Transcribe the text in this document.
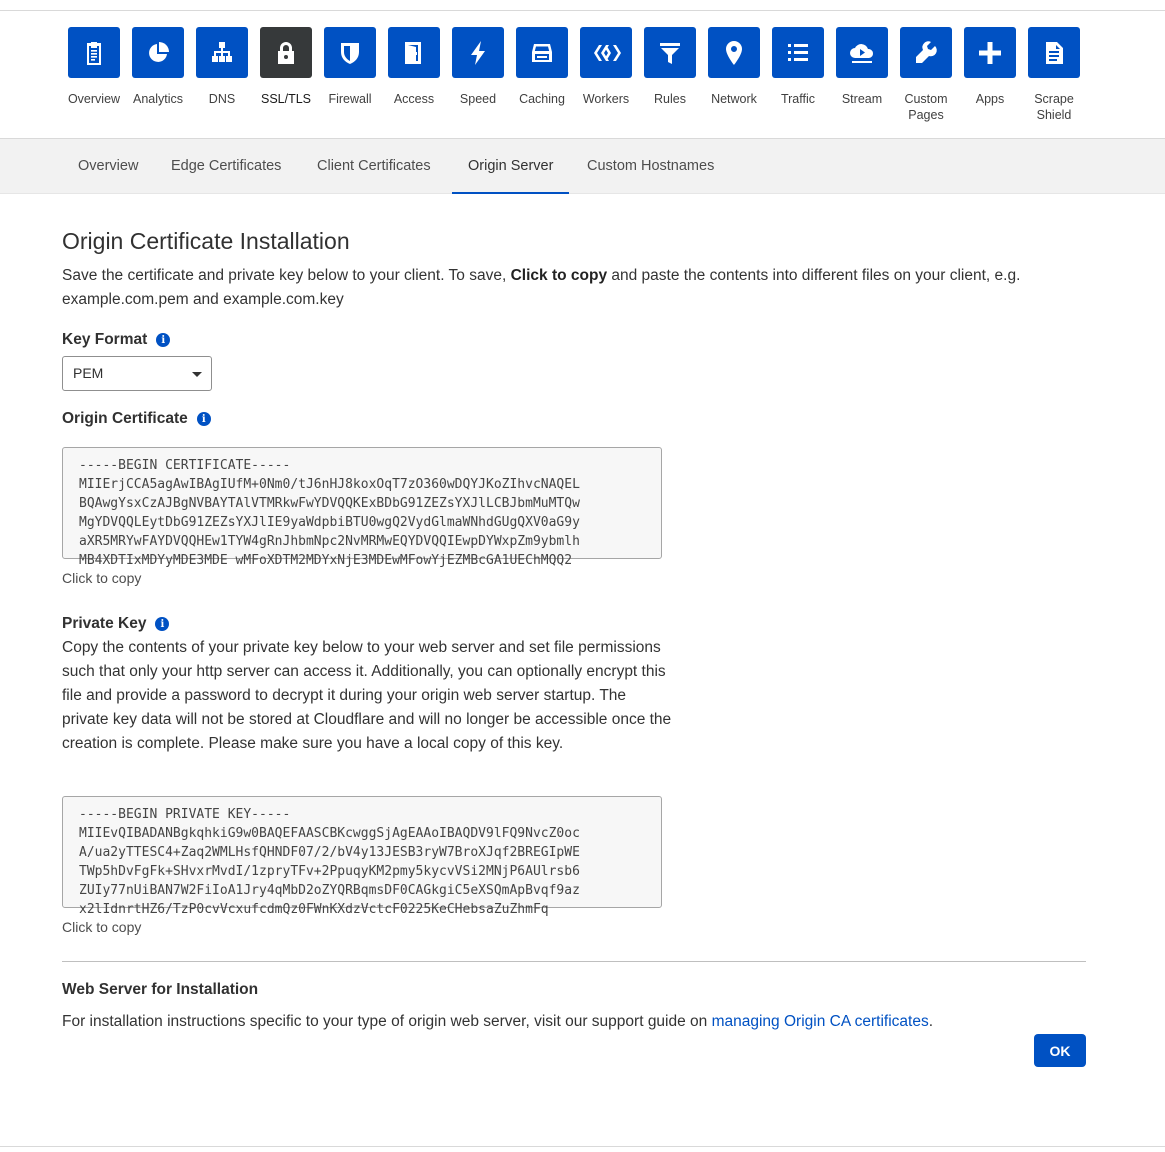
Overview	Analytics	DNS	SSL/TLS	Firewall	Access	Speed	Caching	Workers	Rules	Network	Traffic	Stream	Custom Pages
Apps	Scrape Shield
Overview	Edge Certificates	Client Certificates	Origin Server	Custom Hostnames
Origin Certificate Installation

Save the certificate and private key below to your client. To save, Click to copy and paste the contents into different files on your client, e.g. example.com.pem and example.com.key

Key Format	i
PEM
Origin Certificate	i
-----BEGIN CERTIFICATE-----
MIIErjCCA5agAwIBAgIUfM+0Nm0/tJ6nHJ8koxOqT7zO360wDQYJKoZIhvcNAQEL
BQAwgYsxCzAJBgNVBAYTAlVTMRkwFwYDVQQKExBDbG91ZEZsYXJlLCBJbmMuMTQw
MgYDVQQLEytDbG91ZEZsYXJlIE9yaWdpbiBTU0wgQ2VydGlmaWNhdGUgQXV0aG9y
aXR5MRYwFAYDVQQHEw1TYW4gRnJhbmNpc2NvMRMwEQYDVQQIEwpDYWxpZm9ybmlh
MB4XDTIxMDYyMDE3MDE wMFoXDTM2MDYxNjE3MDEwMFowYjEZMBcGA1UEChMQQ2
Click to copy
Private Key	i

Copy the contents of your private key below to your web server and set file permissions such that only your http server can access it. Additionally, you can optionally encrypt this file and provide a password to decrypt it during your origin web server startup. The private key data will not be stored at Cloudflare and will no longer be accessible once the creation is complete. Please make sure you have a local copy of this key.

-----BEGIN PRIVATE KEY-----
MIIEvQIBADANBgkqhkiG9w0BAQEFAASCBKcwggSjAgEAAoIBAQDV9lFQ9NvcZ0oc
A/ua2yTTESC4+Zaq2WMLHsfQHNDF07/2/bV4y13JESB3ryW7BroXJqf2BREGIpWE
TWp5hDvFgFk+SHvxrMvdI/1zpryTFv+2PpuqyKM2pmy5kycvVSi2MNjP6AUlrsb6
ZUIy77nUiBAN7W2FiIoA1Jry4qMbD2oZYQRBqmsDF0CAGkgiC5eXSQmApBvqf9az
x2lIdnrtHZ6/TzP0cvVcxufcdmQz0FWnKXdzVctcF0225KeCHebsaZuZhmFq
Click to copy
Web Server for Installation

For installation instructions specific to your type of origin web server, visit our support guide on managing Origin CA certificates.

OK
